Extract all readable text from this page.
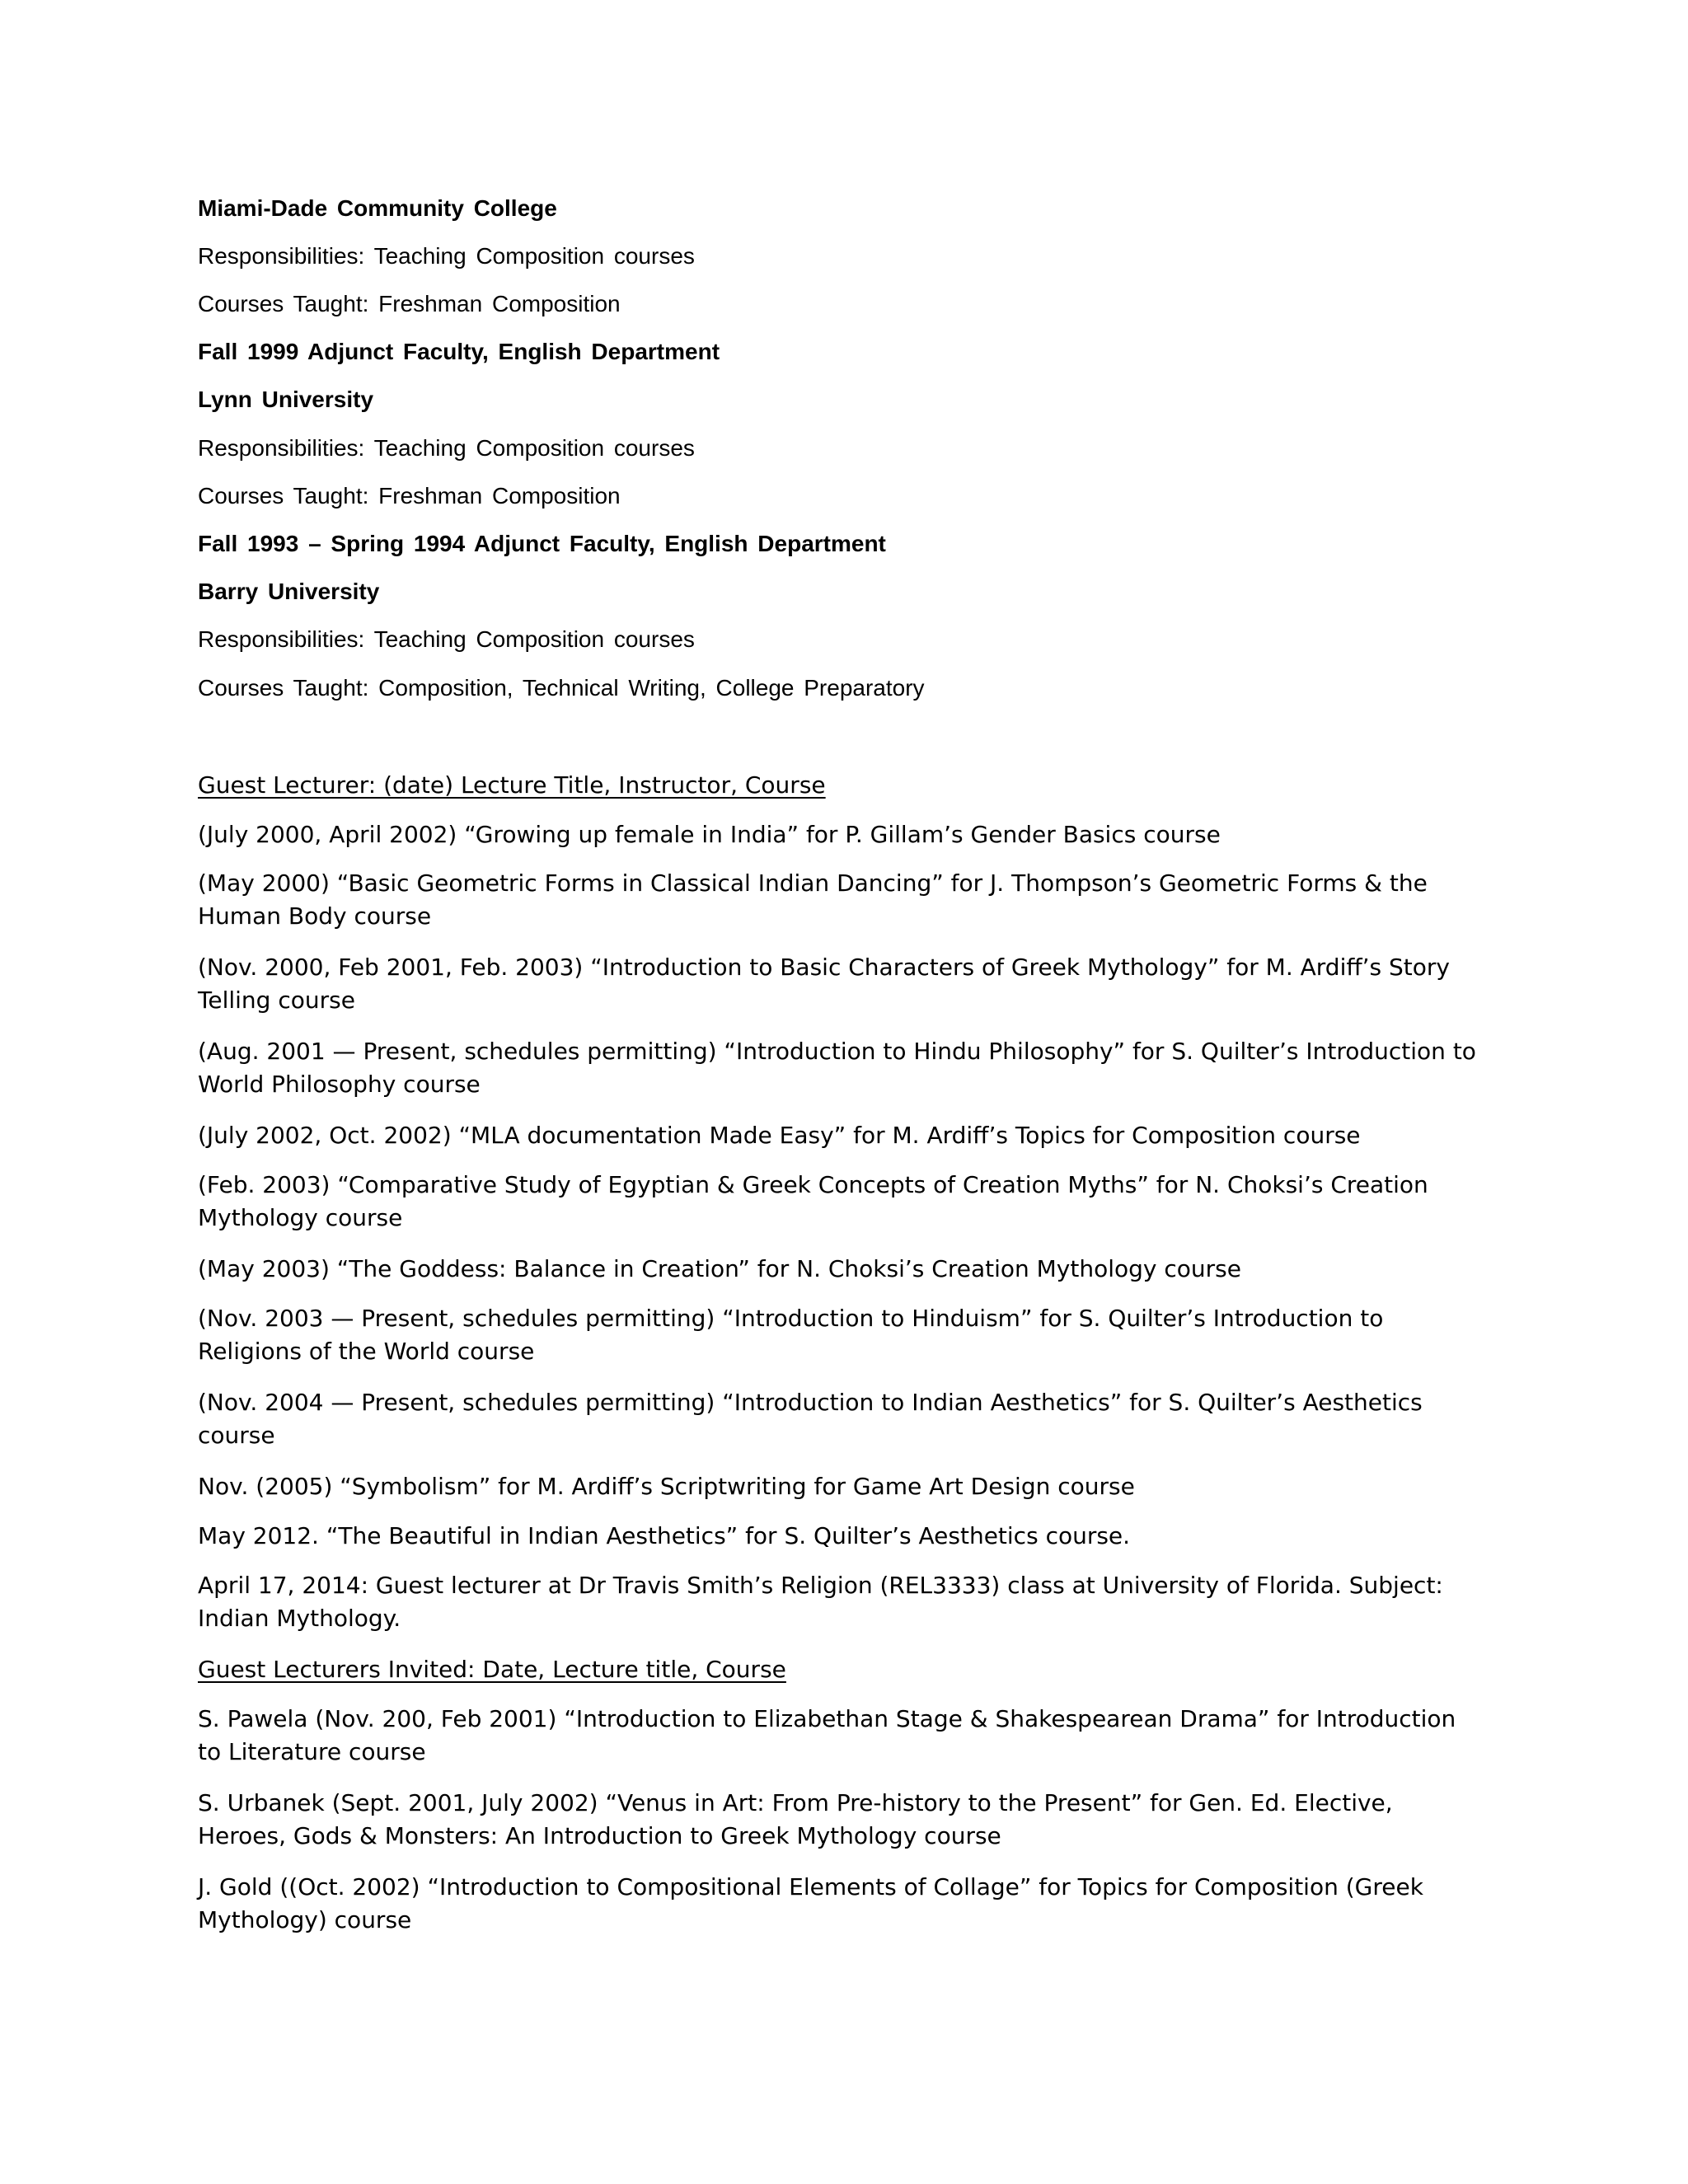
Miami-Dade Community College
Responsibilities: Teaching Composition courses
Courses Taught: Freshman Composition
Fall 1999 Adjunct Faculty, English Department
Lynn University
Responsibilities: Teaching Composition courses
Courses Taught: Freshman Composition
Fall 1993 – Spring 1994 Adjunct Faculty, English Department
Barry University
Responsibilities: Teaching Composition courses
Courses Taught: Composition, Technical Writing, College Preparatory
Guest Lecturer: (date) Lecture Title, Instructor, Course
(July 2000, April 2002) “Growing up female in India” for P. Gillam’s Gender Basics course
(May 2000) “Basic Geometric Forms in Classical Indian Dancing” for J. Thompson’s Geometric Forms & the Human Body course
(Nov. 2000, Feb 2001, Feb. 2003) “Introduction to Basic Characters of Greek Mythology” for M. Ardiff’s Story Telling course
(Aug. 2001 — Present, schedules permitting) “Introduction to Hindu Philosophy” for S. Quilter’s Introduction to World Philosophy course
(July 2002, Oct. 2002) “MLA documentation Made Easy” for M. Ardiff’s Topics for Composition course
(Feb. 2003) “Comparative Study of Egyptian & Greek Concepts of Creation Myths” for N. Choksi’s Creation Mythology course
(May 2003) “The Goddess: Balance in Creation” for N. Choksi’s Creation Mythology course
(Nov. 2003 — Present, schedules permitting) “Introduction to Hinduism” for S. Quilter’s Introduction to Religions of the World course
(Nov. 2004 — Present, schedules permitting) “Introduction to Indian Aesthetics” for S. Quilter’s Aesthetics course
Nov. (2005) “Symbolism” for M. Ardiff’s Scriptwriting for Game Art Design course
May 2012. “The Beautiful in Indian Aesthetics” for S. Quilter’s Aesthetics course.
April 17, 2014: Guest lecturer at Dr Travis Smith’s Religion (REL3333) class at University of Florida. Subject: Indian Mythology.
Guest Lecturers Invited: Date, Lecture title, Course
S. Pawela (Nov. 200, Feb 2001) “Introduction to Elizabethan Stage & Shakespearean Drama” for Introduction to Literature course
S. Urbanek (Sept. 2001, July 2002) “Venus in Art: From Pre-history to the Present” for Gen. Ed. Elective, Heroes, Gods & Monsters: An Introduction to Greek Mythology course
J. Gold ((Oct. 2002) “Introduction to Compositional Elements of Collage” for Topics for Composition (Greek Mythology) course
